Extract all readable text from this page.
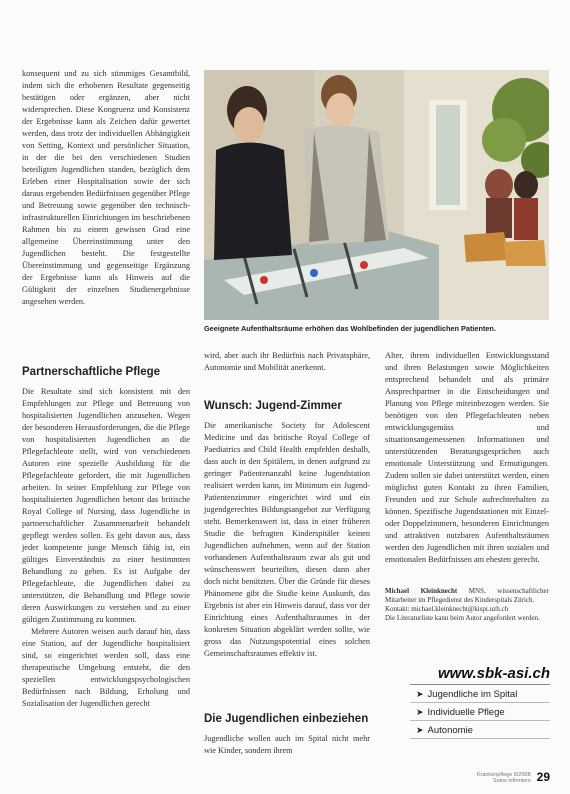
konsequent und zu sich stimmiges Gesamtbild, indem sich die erhobenen Resultate gegenseitig bestätigen oder ergänzen, aber nicht widersprechen. Diese Kongruenz und Konsistenz der Ergebnisse kann als Zeichen dafür gewertet werden, dass trotz der individuellen Abhängigkeit von Setting, Kontext und persönlicher Situation, in der die bei den verschiedenen Studien beteiligten Jugendlichen standen, bezüglich dem Erleben einer Hospitalisation sowie der sich daraus ergebenden Bedürfnissen gegenüber Pflege und Betreuung sowie gegenüber den technisch-infrastrukturellen Einrichtungen im beschriebenen Rahmen bis zu einem gewissen Grad eine allgemeine Übereinstimmung unter den Jugendlichen besteht. Die festgestellte Übereinstimmung und gegenseitige Ergänzung der Ergebnisse kann als Hinweis auf die Gültigkeit der einzelnen Studienergebnisse angesehen werden.

Partnerschaftliche Pflege

Die Resultate sind sich konsistent mit den Empfehlungen zur Pflege und Betreuung von hospitalisierten Jugendlichen anzusehen. Wegen der besonderen Herausforderungen, die die Pflege von hospitalisierten Jugendlichen an die Pflegefachleute stellt, wird von verschiedenen Autoren eine spezielle Ausbildung für die Pflegefachleute gefordert, die mit Jugendlichen arbeiten. In seiner Empfehlung zur Pflege von hospitalisierten Jugendlichen betont das britische Royal College of Nursing, dass Jugendliche in partnerschaftlicher Zusammenarbeit behandelt gepflegt werden sollen. Es geht davon aus, dass jeder kompetente junge Mensch fähig ist, ein gültiges Einverständnis zu einer bestimmten Behandlung zu geben. Es ist Aufgabe der Pflegefachleute, die Jugendlichen dabei zu unterstützen, die Behandlung und Pflege sowie deren Auswirkungen zu verstehen und zu einer gültigen Zustimmung zu kommen.

Mehrere Autoren weisen auch darauf hin, dass eine Station, auf der Jugendliche hospitalisiert sind, so eingerichtet werden soll, dass eine therapeutische Umgebung entsteht, die den speziellen entwicklungspsychologischen Bedürfnissen nach Bildung, Erholung und Sozialisation der Jugendlichen gerecht

Geeignete Aufenthaltsräume erhöhen das Wohlbefinden der jugendlichen Patienten.

wird, aber auch ihr Bedürfnis nach Privatsphäre, Autonomie und Mobilität anerkennt.

Wunsch: Jugend-Zimmer

Die amerikanische Society for Adolescent Medicine und das britische Royal College of Paediatrics and Child Health empfehlen deshalb, dass auch in den Spitälern, in denen aufgrund zu geringer Patientenanzahl keine Jugendstation realisiert werden kann, im Minimum ein Jugend-Patientenzimmer eingerichtet wird und ein jugendgerechtes Bildungsangebot zur Verfügung steht. Bemerkenswert ist, dass in einer früheren Studie die befragten Kinderspitäler keinen Jugendlichen aufnehmen, wenn auf der Station vorhandenen Aufenthaltsraum zwar als gut und wünschenswert beurteilten, diesen dann aber doch nicht benützten. Über die Gründe für dieses Phänomene gibt die Studie keine Auskunft, das Ergebnis ist aber ein Hinweis darauf, dass vor der Einrichtung eines Aufenthaltsraumes in der konkreten Situation abgeklärt werden sollte, wie gross das Nutzungspotential eines solchen Gemeinschaftsraumes effektiv ist.

Die Jugendlichen einbeziehen

Jugendliche wollen auch im Spital nicht mehr wie Kinder, sondern ihrem

Alter, ihrem individuellen Entwicklungsstand und ihren Belastungen sowie Möglichkeiten entsprechend behandelt und als primäre Ansprechpartner in die Entscheidungen und Planung von Pflege miteinbezogen werden. Sie benötigen von den Pflegefachleuten neben entwicklungsgemäss und situationsangemessenen Informationen und unterstützenden Beratungsgesprächen auch emotionale Unterstützung und Ermutigungen. Zudem sollen sie dabei unterstützt werden, einen möglichst guten Kontakt zu ihren Familien, Freunden und zur Schule aufrechterhalten zu können. Spezifische Jugendstationen mit Einzel- oder Doppelzimmern, besonderen Einrichtungen und attraktiven nutzbaren Aufenthaltsräumen werden den Jugendlichen mit ihren sozialen und emotionalen Bedürfnissen am ehesten gerecht.

Michael Kleinknecht MNS, wissenschaftlicher Mitarbeiter im Pflegedienst des Kinderspitals Zürich.
Kontakt: michael.kleinknecht@kispi.uzh.ch
Die Literaturliste kann beim Autor angefordert werden.
www.sbk-asi.ch
➤ Jugendliche im Spital
➤ Individuelle Pflege
➤ Autonomie
Krankenpflege 8/2008
Soins infirmiers 29
